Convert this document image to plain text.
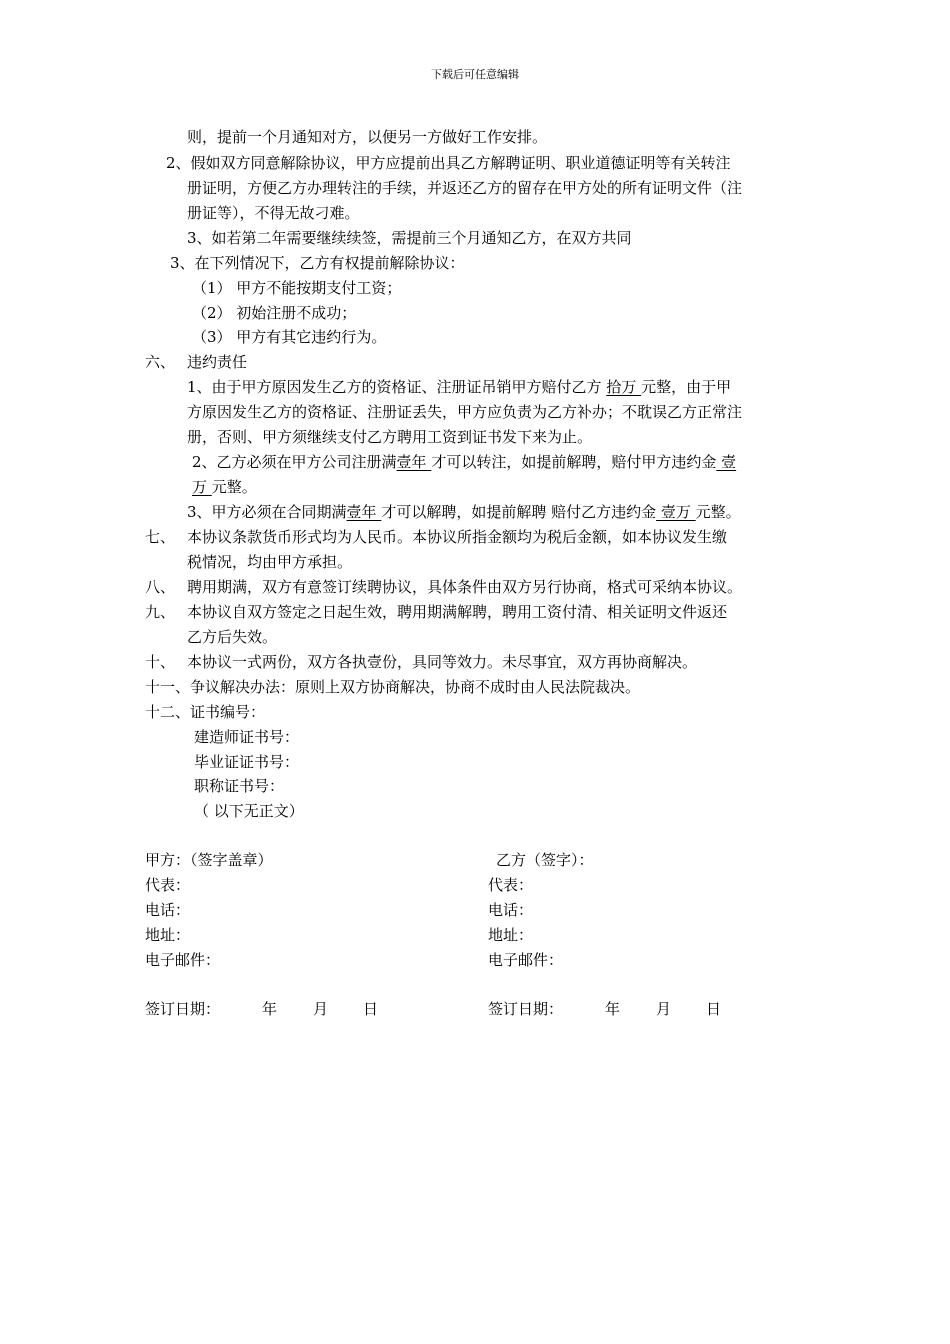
下载后可任意编辑
则，提前一个月通知对方，以便另一方做好工作安排。
2、假如双方同意解除协议，甲方应提前出具乙方解聘证明、职业道德证明等有关转注
册证明，方便乙方办理转注的手续，并返还乙方的留存在甲方处的所有证明文件（注
册证等），不得无故刁难。
3、如若第二年需要继续续签，需提前三个月通知乙方，在双方共同
3、在下列情况下，乙方有权提前解除协议：
（1） 甲方不能按期支付工资；
（2） 初始注册不成功；
（3） 甲方有其它违约行为。
六、 违约责任
1、由于甲方原因发生乙方的资格证、注册证吊销甲方赔付乙方 拾万 元整，由于甲
方原因发生乙方的资格证、注册证丢失，甲方应负责为乙方补办；不耽误乙方正常注
册，否则、甲方须继续支付乙方聘用工资到证书发下来为止。
2、乙方必须在甲方公司注册满壹年 才可以转注，如提前解聘，赔付甲方违约金 壹
万 元整。
3、甲方必须在合同期满壹年 才可以解聘，如提前解聘 赔付乙方违约金 壹万 元整。
七、 本协议条款货币形式均为人民币。本协议所指金额均为税后金额，如本协议发生缴
税情况，均由甲方承担。
八、 聘用期满，双方有意签订续聘协议，具体条件由双方另行协商，格式可采纳本协议。
九、 本协议自双方签定之日起生效，聘用期满解聘，聘用工资付清、相关证明文件返还
乙方后失效。
十、 本协议一式两份，双方各执壹份，具同等效力。未尽事宜，双方再协商解决。
十一、争议解决办法：原则上双方协商解决，协商不成时由人民法院裁决。
十二、证书编号：
建造师证书号：
毕业证证书号：
职称证书号：
（ 以下无正文）
甲方：（签字盖章）
代表：
电话：
地址：
电子邮件：
签订日期：	年 月 日
乙方（签字）：
代表：
电话：
地址：
电子邮件：
签订日期：	年 月 日
